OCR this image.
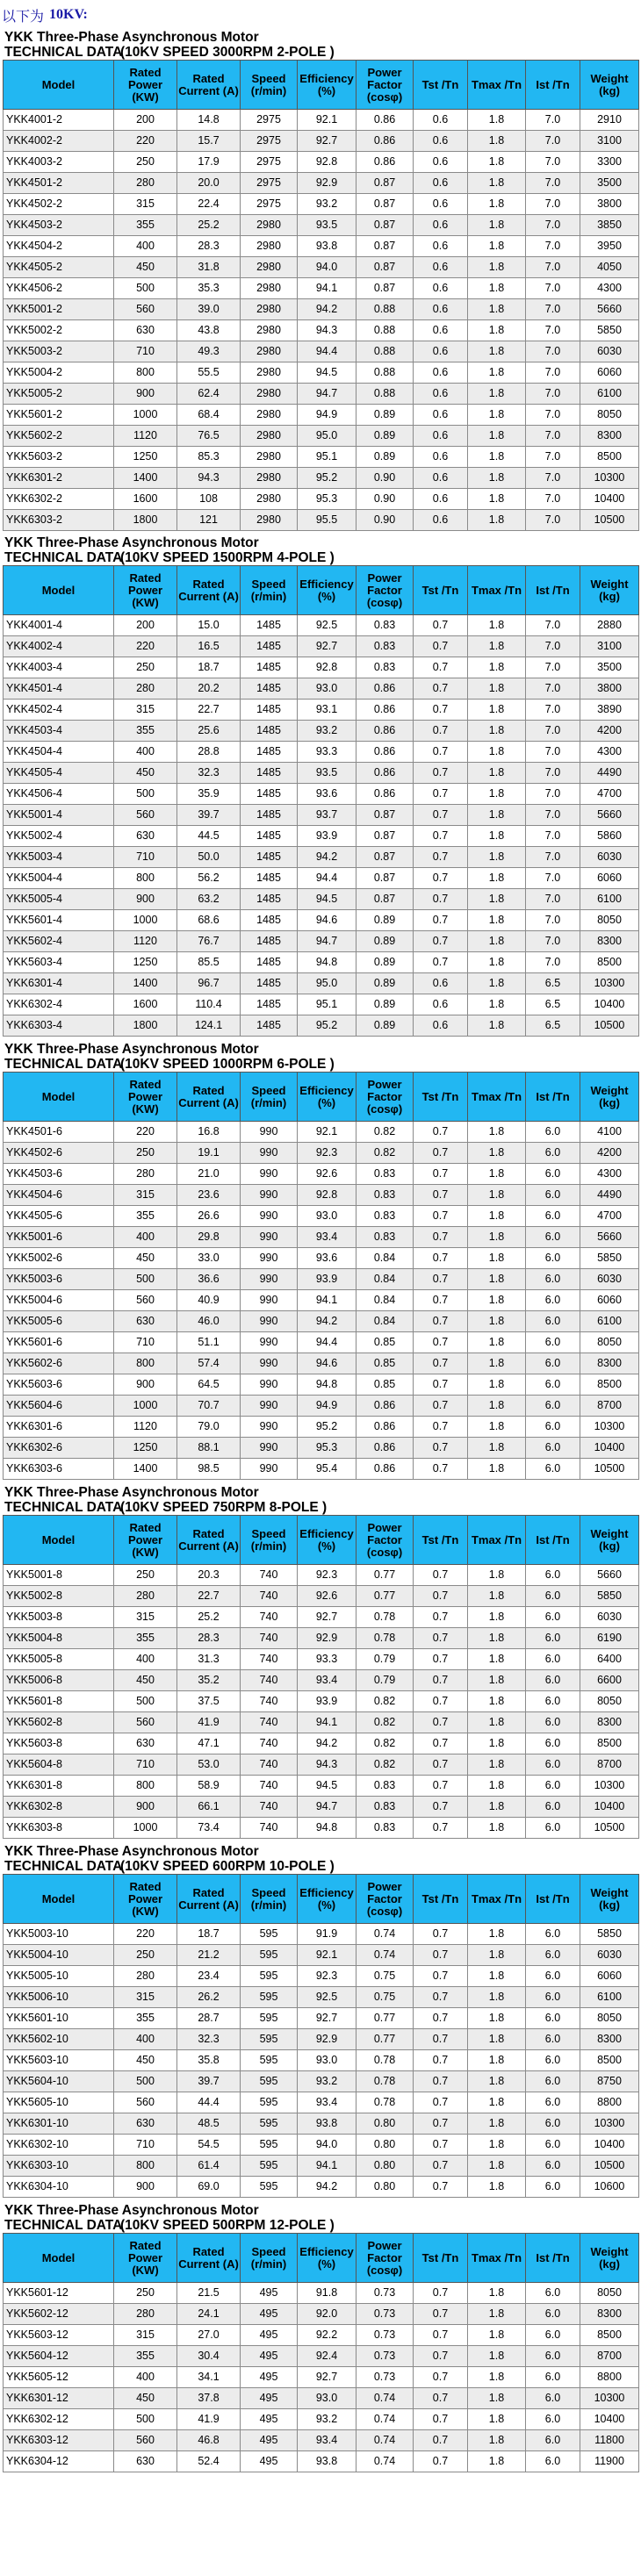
以下为 10KV:
YKK Three-Phase Asynchronous Motor
TECHNICAL DATA
(10KV SPEED 3000RPM 2-POLE )
Model	Rated Power (KW)	Rated Current (A)	Speed (r/min)	Efficiency (%)	Power Factor (cosφ)	Tst /Tn	Tmax /Tn	Ist /Tn	Weight (kg)
YKK4001-2	200	14.8	2975	92.1	0.86	0.6	1.8	7.0	2910
YKK4002-2	220	15.7	2975	92.7	0.86	0.6	1.8	7.0	3100
YKK4003-2	250	17.9	2975	92.8	0.86	0.6	1.8	7.0	3300
YKK4501-2	280	20.0	2975	92.9	0.87	0.6	1.8	7.0	3500
YKK4502-2	315	22.4	2975	93.2	0.87	0.6	1.8	7.0	3800
YKK4503-2	355	25.2	2980	93.5	0.87	0.6	1.8	7.0	3850
YKK4504-2	400	28.3	2980	93.8	0.87	0.6	1.8	7.0	3950
YKK4505-2	450	31.8	2980	94.0	0.87	0.6	1.8	7.0	4050
YKK4506-2	500	35.3	2980	94.1	0.87	0.6	1.8	7.0	4300
YKK5001-2	560	39.0	2980	94.2	0.88	0.6	1.8	7.0	5660
YKK5002-2	630	43.8	2980	94.3	0.88	0.6	1.8	7.0	5850
YKK5003-2	710	49.3	2980	94.4	0.88	0.6	1.8	7.0	6030
YKK5004-2	800	55.5	2980	94.5	0.88	0.6	1.8	7.0	6060
YKK5005-2	900	62.4	2980	94.7	0.88	0.6	1.8	7.0	6100
YKK5601-2	1000	68.4	2980	94.9	0.89	0.6	1.8	7.0	8050
YKK5602-2	1120	76.5	2980	95.0	0.89	0.6	1.8	7.0	8300
YKK5603-2	1250	85.3	2980	95.1	0.89	0.6	1.8	7.0	8500
YKK6301-2	1400	94.3	2980	95.2	0.90	0.6	1.8	7.0	10300
YKK6302-2	1600	108	2980	95.3	0.90	0.6	1.8	7.0	10400
YKK6303-2	1800	121	2980	95.5	0.90	0.6	1.8	7.0	10500
YKK Three-Phase Asynchronous Motor
TECHNICAL DATA
(10KV SPEED 1500RPM 4-POLE )
Model	Rated Power (KW)	Rated Current (A)	Speed (r/min)	Efficiency (%)	Power Factor (cosφ)	Tst /Tn	Tmax /Tn	Ist /Tn	Weight (kg)
YKK4001-4	200	15.0	1485	92.5	0.83	0.7	1.8	7.0	2880
YKK4002-4	220	16.5	1485	92.7	0.83	0.7	1.8	7.0	3100
YKK4003-4	250	18.7	1485	92.8	0.83	0.7	1.8	7.0	3500
YKK4501-4	280	20.2	1485	93.0	0.86	0.7	1.8	7.0	3800
YKK4502-4	315	22.7	1485	93.1	0.86	0.7	1.8	7.0	3890
YKK4503-4	355	25.6	1485	93.2	0.86	0.7	1.8	7.0	4200
YKK4504-4	400	28.8	1485	93.3	0.86	0.7	1.8	7.0	4300
YKK4505-4	450	32.3	1485	93.5	0.86	0.7	1.8	7.0	4490
YKK4506-4	500	35.9	1485	93.6	0.86	0.7	1.8	7.0	4700
YKK5001-4	560	39.7	1485	93.7	0.87	0.7	1.8	7.0	5660
YKK5002-4	630	44.5	1485	93.9	0.87	0.7	1.8	7.0	5860
YKK5003-4	710	50.0	1485	94.2	0.87	0.7	1.8	7.0	6030
YKK5004-4	800	56.2	1485	94.4	0.87	0.7	1.8	7.0	6060
YKK5005-4	900	63.2	1485	94.5	0.87	0.7	1.8	7.0	6100
YKK5601-4	1000	68.6	1485	94.6	0.89	0.7	1.8	7.0	8050
YKK5602-4	1120	76.7	1485	94.7	0.89	0.7	1.8	7.0	8300
YKK5603-4	1250	85.5	1485	94.8	0.89	0.7	1.8	7.0	8500
YKK6301-4	1400	96.7	1485	95.0	0.89	0.6	1.8	6.5	10300
YKK6302-4	1600	110.4	1485	95.1	0.89	0.6	1.8	6.5	10400
YKK6303-4	1800	124.1	1485	95.2	0.89	0.6	1.8	6.5	10500
YKK Three-Phase Asynchronous Motor
TECHNICAL DATA
(10KV SPEED 1000RPM 6-POLE )
Model	Rated Power (KW)	Rated Current (A)	Speed (r/min)	Efficiency (%)	Power Factor (cosφ)	Tst /Tn	Tmax /Tn	Ist /Tn	Weight (kg)
YKK4501-6	220	16.8	990	92.1	0.82	0.7	1.8	6.0	4100
YKK4502-6	250	19.1	990	92.3	0.82	0.7	1.8	6.0	4200
YKK4503-6	280	21.0	990	92.6	0.83	0.7	1.8	6.0	4300
YKK4504-6	315	23.6	990	92.8	0.83	0.7	1.8	6.0	4490
YKK4505-6	355	26.6	990	93.0	0.83	0.7	1.8	6.0	4700
YKK5001-6	400	29.8	990	93.4	0.83	0.7	1.8	6.0	5660
YKK5002-6	450	33.0	990	93.6	0.84	0.7	1.8	6.0	5850
YKK5003-6	500	36.6	990	93.9	0.84	0.7	1.8	6.0	6030
YKK5004-6	560	40.9	990	94.1	0.84	0.7	1.8	6.0	6060
YKK5005-6	630	46.0	990	94.2	0.84	0.7	1.8	6.0	6100
YKK5601-6	710	51.1	990	94.4	0.85	0.7	1.8	6.0	8050
YKK5602-6	800	57.4	990	94.6	0.85	0.7	1.8	6.0	8300
YKK5603-6	900	64.5	990	94.8	0.85	0.7	1.8	6.0	8500
YKK5604-6	1000	70.7	990	94.9	0.86	0.7	1.8	6.0	8700
YKK6301-6	1120	79.0	990	95.2	0.86	0.7	1.8	6.0	10300
YKK6302-6	1250	88.1	990	95.3	0.86	0.7	1.8	6.0	10400
YKK6303-6	1400	98.5	990	95.4	0.86	0.7	1.8	6.0	10500
YKK Three-Phase Asynchronous Motor
TECHNICAL DATA
(10KV SPEED 750RPM 8-POLE )
Model	Rated Power (KW)	Rated Current (A)	Speed (r/min)	Efficiency (%)	Power Factor (cosφ)	Tst /Tn	Tmax /Tn	Ist /Tn	Weight (kg)
YKK5001-8	250	20.3	740	92.3	0.77	0.7	1.8	6.0	5660
YKK5002-8	280	22.7	740	92.6	0.77	0.7	1.8	6.0	5850
YKK5003-8	315	25.2	740	92.7	0.78	0.7	1.8	6.0	6030
YKK5004-8	355	28.3	740	92.9	0.78	0.7	1.8	6.0	6190
YKK5005-8	400	31.3	740	93.3	0.79	0.7	1.8	6.0	6400
YKK5006-8	450	35.2	740	93.4	0.79	0.7	1.8	6.0	6600
YKK5601-8	500	37.5	740	93.9	0.82	0.7	1.8	6.0	8050
YKK5602-8	560	41.9	740	94.1	0.82	0.7	1.8	6.0	8300
YKK5603-8	630	47.1	740	94.2	0.82	0.7	1.8	6.0	8500
YKK5604-8	710	53.0	740	94.3	0.82	0.7	1.8	6.0	8700
YKK6301-8	800	58.9	740	94.5	0.83	0.7	1.8	6.0	10300
YKK6302-8	900	66.1	740	94.7	0.83	0.7	1.8	6.0	10400
YKK6303-8	1000	73.4	740	94.8	0.83	0.7	1.8	6.0	10500
YKK Three-Phase Asynchronous Motor
TECHNICAL DATA
(10KV SPEED 600RPM 10-POLE )
Model	Rated Power (KW)	Rated Current (A)	Speed (r/min)	Efficiency (%)	Power Factor (cosφ)	Tst /Tn	Tmax /Tn	Ist /Tn	Weight (kg)
YKK5003-10	220	18.7	595	91.9	0.74	0.7	1.8	6.0	5850
YKK5004-10	250	21.2	595	92.1	0.74	0.7	1.8	6.0	6030
YKK5005-10	280	23.4	595	92.3	0.75	0.7	1.8	6.0	6060
YKK5006-10	315	26.2	595	92.5	0.75	0.7	1.8	6.0	6100
YKK5601-10	355	28.7	595	92.7	0.77	0.7	1.8	6.0	8050
YKK5602-10	400	32.3	595	92.9	0.77	0.7	1.8	6.0	8300
YKK5603-10	450	35.8	595	93.0	0.78	0.7	1.8	6.0	8500
YKK5604-10	500	39.7	595	93.2	0.78	0.7	1.8	6.0	8750
YKK5605-10	560	44.4	595	93.4	0.78	0.7	1.8	6.0	8800
YKK6301-10	630	48.5	595	93.8	0.80	0.7	1.8	6.0	10300
YKK6302-10	710	54.5	595	94.0	0.80	0.7	1.8	6.0	10400
YKK6303-10	800	61.4	595	94.1	0.80	0.7	1.8	6.0	10500
YKK6304-10	900	69.0	595	94.2	0.80	0.7	1.8	6.0	10600
YKK Three-Phase Asynchronous Motor
TECHNICAL DATA
(10KV SPEED 500RPM 12-POLE )
Model	Rated Power (KW)	Rated Current (A)	Speed (r/min)	Efficiency (%)	Power Factor (cosφ)	Tst /Tn	Tmax /Tn	Ist /Tn	Weight (kg)
YKK5601-12	250	21.5	495	91.8	0.73	0.7	1.8	6.0	8050
YKK5602-12	280	24.1	495	92.0	0.73	0.7	1.8	6.0	8300
YKK5603-12	315	27.0	495	92.2	0.73	0.7	1.8	6.0	8500
YKK5604-12	355	30.4	495	92.4	0.73	0.7	1.8	6.0	8700
YKK5605-12	400	34.1	495	92.7	0.73	0.7	1.8	6.0	8800
YKK6301-12	450	37.8	495	93.0	0.74	0.7	1.8	6.0	10300
YKK6302-12	500	41.9	495	93.2	0.74	0.7	1.8	6.0	10400
YKK6303-12	560	46.8	495	93.4	0.74	0.7	1.8	6.0	11800
YKK6304-12	630	52.4	495	93.8	0.74	0.7	1.8	6.0	11900
